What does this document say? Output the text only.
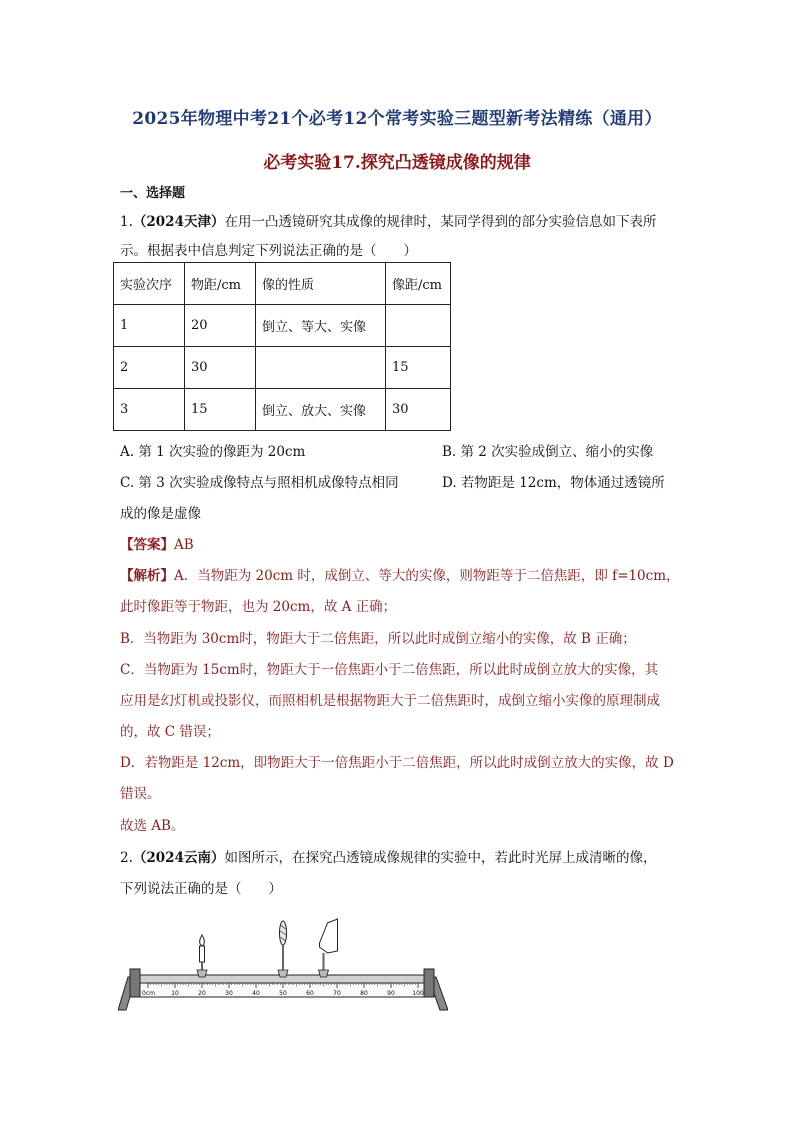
2025年物理中考21个必考12个常考实验三题型新考法精练（通用）
必考实验17.探究凸透镜成像的规律
一、选择题
1.（2024天津）在用一凸透镜研究其成像的规律时，某同学得到的部分实验信息如下表所
示。根据表中信息判定下列说法正确的是（　　）
实验次序	物距/cm	像的性质	像距/cm
1	20	倒立、等大、实像	
2	30		15
3	15	倒立、放大、实像	30
A. 第 1 次实验的像距为 20cm	B. 第 2 次实验成倒立、缩小的实像
C. 第 3 次实验成像特点与照相机成像特点相同	D. 若物距是 12cm，物体通过透镜所
成的像是虚像
【答案】AB
【解析】A．当物距为 20cm 时，成倒立、等大的实像，则物距等于二倍焦距，即 f=10cm，
此时像距等于物距，也为 20cm，故 A 正确；
B．当物距为 30cm时，物距大于二倍焦距，所以此时成倒立缩小的实像，故 B 正确；
C．当物距为 15cm时，物距大于一倍焦距小于二倍焦距，所以此时成倒立放大的实像，其
应用是幻灯机或投影仪，而照相机是根据物距大于二倍焦距时，成倒立缩小实像的原理制成
的，故 C 错误；
D．若物距是 12cm，即物距大于一倍焦距小于二倍焦距，所以此时成倒立放大的实像，故 D
错误。
故选 AB。
2.（2024云南）如图所示，在探究凸透镜成像规律的实验中，若此时光屏上成清晰的像，
下列说法正确的是（　　）
0cm	10	20	30	40	50	60	70	80	90	100
